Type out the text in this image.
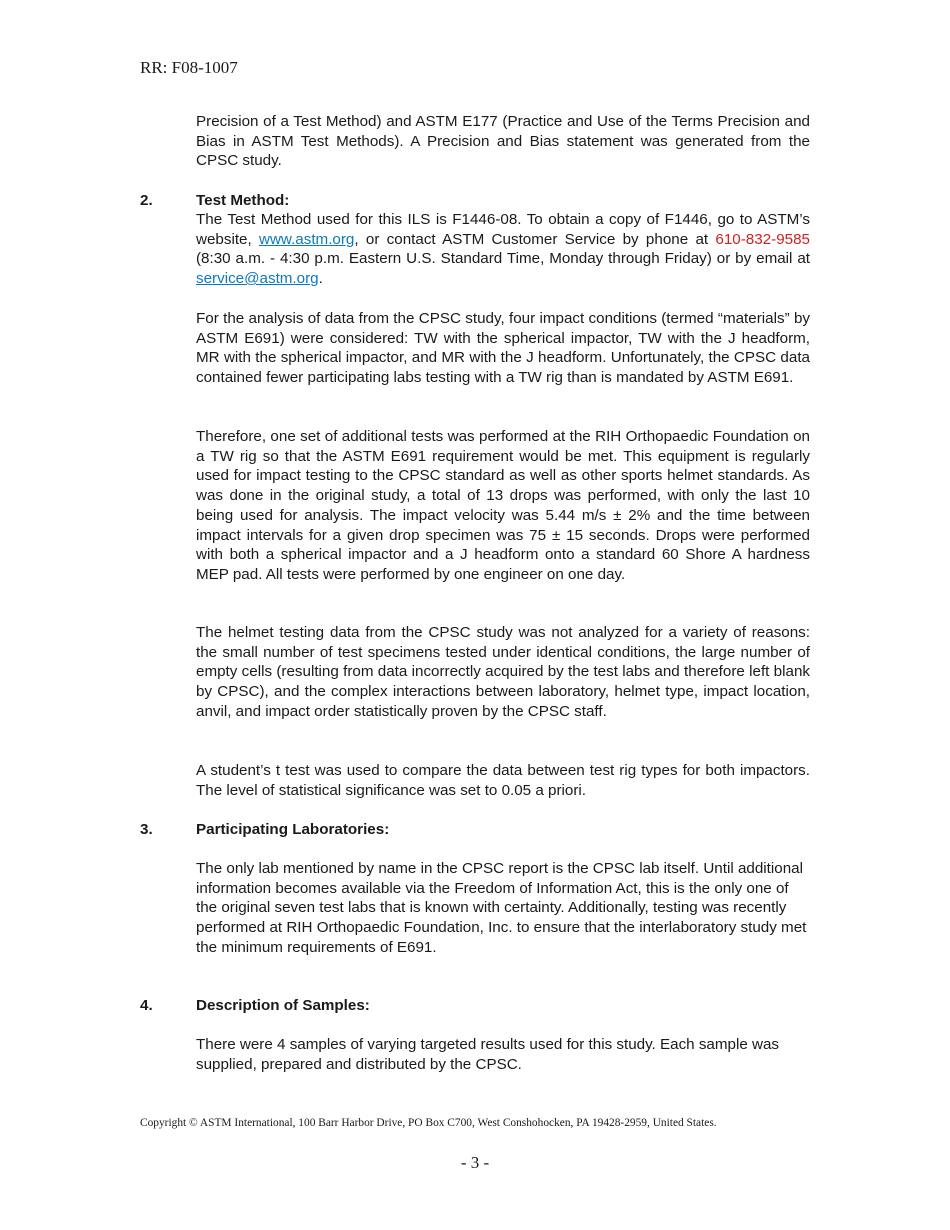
RR: F08-1007

Precision of a Test Method) and ASTM E177 (Practice and Use of the Terms Precision and Bias in ASTM Test Methods). A Precision and Bias statement was generated from the CPSC study.

2.	Test Method:

The Test Method used for this ILS is F1446-08. To obtain a copy of F1446, go to ASTM’s website, www.astm.org, or contact ASTM Customer Service by phone at 610-832-9585 (8:30 a.m. - 4:30 p.m. Eastern U.S. Standard Time, Monday through Friday) or by email at service@astm.org.

For the analysis of data from the CPSC study, four impact conditions (termed “materials” by ASTM E691) were considered: TW with the spherical impactor, TW with the J headform, MR with the spherical impactor, and MR with the J headform. Unfortunately, the CPSC data contained fewer participating labs testing with a TW rig than is mandated by ASTM E691.

Therefore, one set of additional tests was performed at the RIH Orthopaedic Foundation on a TW rig so that the ASTM E691 requirement would be met. This equipment is regularly used for impact testing to the CPSC standard as well as other sports helmet standards. As was done in the original study, a total of 13 drops was performed, with only the last 10 being used for analysis. The impact velocity was 5.44 m/s ± 2% and the time between impact intervals for a given drop specimen was 75 ± 15 seconds. Drops were performed with both a spherical impactor and a J headform onto a standard 60 Shore A hardness MEP pad. All tests were performed by one engineer on one day.

The helmet testing data from the CPSC study was not analyzed for a variety of reasons: the small number of test specimens tested under identical conditions, the large number of empty cells (resulting from data incorrectly acquired by the test labs and therefore left blank by CPSC), and the complex interactions between laboratory, helmet type, impact location, anvil, and impact order statistically proven by the CPSC staff.

A student’s t test was used to compare the data between test rig types for both impactors. The level of statistical significance was set to 0.05 a priori.

3.	Participating Laboratories:

The only lab mentioned by name in the CPSC report is the CPSC lab itself. Until additional information becomes available via the Freedom of Information Act, this is the only one of the original seven test labs that is known with certainty. Additionally, testing was recently performed at RIH Orthopaedic Foundation, Inc. to ensure that the interlaboratory study met the minimum requirements of E691.

4.	Description of Samples:

There were 4 samples of varying targeted results used for this study. Each sample was supplied, prepared and distributed by the CPSC.

Copyright © ASTM International, 100 Barr Harbor Drive, PO Box C700, West Conshohocken, PA 19428-2959, United States.
- 3 -
